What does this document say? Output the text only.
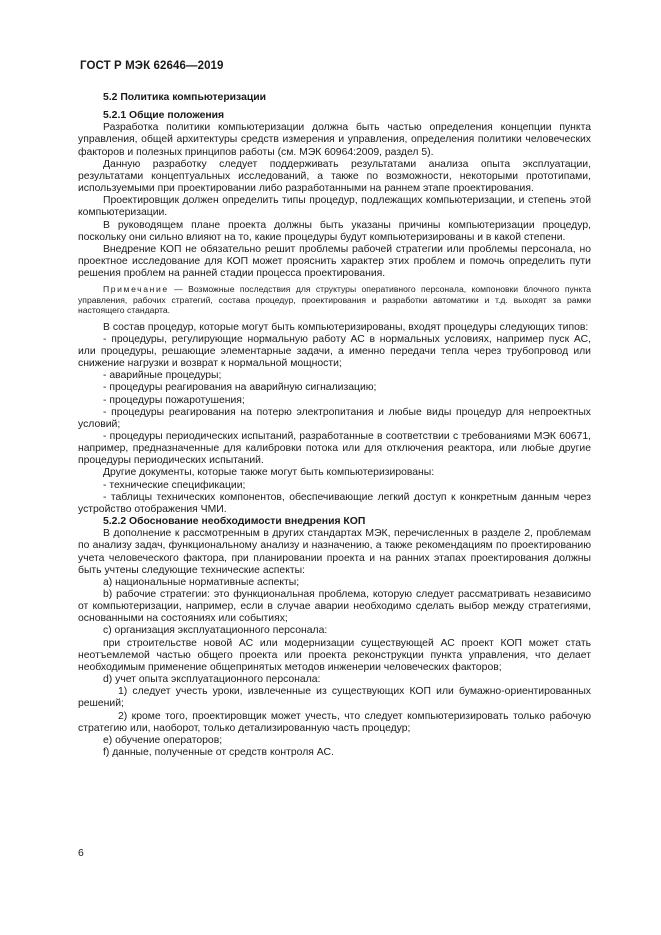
ГОСТ Р МЭК 62646—2019

5.2 Политика компьютеризации

5.2.1 Общие положения

Разработка политики компьютеризации должна быть частью определения концепции пункта управления, общей архитектуры средств измерения и управления, определения политики человеческих факторов и полезных принципов работы (см. МЭК 60964:2009, раздел 5).

Данную разработку следует поддерживать результатами анализа опыта эксплуатации, результатами концептуальных исследований, а также по возможности, некоторыми прототипами, используемыми при проектировании либо разработанными на раннем этапе проектирования.

Проектировщик должен определить типы процедур, подлежащих компьютеризации, и степень этой компьютеризации.

В руководящем плане проекта должны быть указаны причины компьютеризации процедур, поскольку они сильно влияют на то, какие процедуры будут компьютеризированы и в какой степени.

Внедрение КОП не обязательно решит проблемы рабочей стратегии или проблемы персонала, но проектное исследование для КОП может прояснить характер этих проблем и помочь определить пути решения проблем на ранней стадии процесса проектирования.

Примечание — Возможные последствия для структуры оперативного персонала, компоновки блочного пункта управления, рабочих стратегий, состава процедур, проектирования и разработки автоматики и т.д. выходят за рамки настоящего стандарта.

В состав процедур, которые могут быть компьютеризированы, входят процедуры следующих типов:

- процедуры, регулирующие нормальную работу АС в нормальных условиях, например пуск АС, или процедуры, решающие элементарные задачи, а именно передачи тепла через трубопровод или снижение нагрузки и возврат к нормальной мощности;

- аварийные процедуры;

- процедуры реагирования на аварийную сигнализацию;

- процедуры пожаротушения;

- процедуры реагирования на потерю электропитания и любые виды процедур для непроектных условий;

- процедуры периодических испытаний, разработанные в соответствии с требованиями МЭК 60671, например, предназначенные для калибровки потока или для отключения реактора, или любые другие процедуры периодических испытаний.

Другие документы, которые также могут быть компьютеризированы:

- технические спецификации;

- таблицы технических компонентов, обеспечивающие легкий доступ к конкретным данным через устройство отображения ЧМИ.

5.2.2 Обоснование необходимости внедрения КОП

В дополнение к рассмотренным в других стандартах МЭК, перечисленных в разделе 2, проблемам по анализу задач, функциональному анализу и назначению, а также рекомендациям по проектированию учета человеческого фактора, при планировании проекта и на ранних этапах проектирования должны быть учтены следующие технические аспекты:

а) национальные нормативные аспекты;

b) рабочие стратегии: это функциональная проблема, которую следует рассматривать независимо от компьютеризации, например, если в случае аварии необходимо сделать выбор между стратегиями, основанными на состояниях или событиях;

с) организация эксплуатационного персонала:

при строительстве новой АС или модернизации существующей АС проект КОП может стать неотъемлемой частью общего проекта или проекта реконструкции пункта управления, что делает необходимым применение общепринятых методов инженерии человеческих факторов;

d) учет опыта эксплуатационного персонала:

1) следует учесть уроки, извлеченные из существующих КОП или бумажно-ориентированных решений;

2) кроме того, проектировщик может учесть, что следует компьютеризировать только рабочую стратегию или, наоборот, только детализированную часть процедур;

е) обучение операторов;

f) данные, полученные от средств контроля АС.

6
